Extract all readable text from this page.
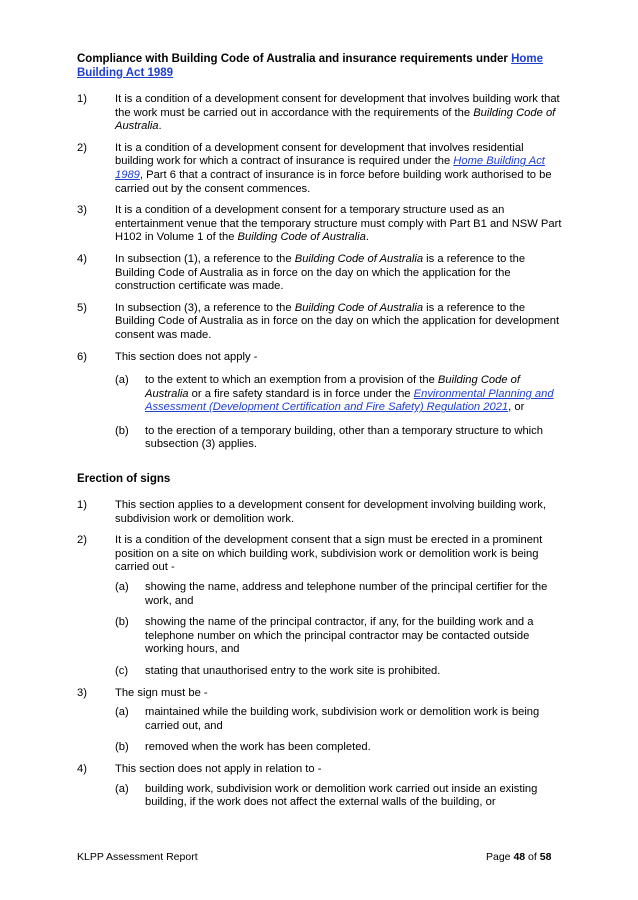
Compliance with Building Code of Australia and insurance requirements under Home Building Act 1989

1)	It is a condition of a development consent for development that involves building work that the work must be carried out in accordance with the requirements of the Building Code of Australia.
2)	It is a condition of a development consent for development that involves residential building work for which a contract of insurance is required under the Home Building Act 1989, Part 6 that a contract of insurance is in force before building work authorised to be carried out by the consent commences.
3)	It is a condition of a development consent for a temporary structure used as an entertainment venue that the temporary structure must comply with Part B1 and NSW Part H102 in Volume 1 of the Building Code of Australia.
4)	In subsection (1), a reference to the Building Code of Australia is a reference to the Building Code of Australia as in force on the day on which the application for the construction certificate was made.
5)	In subsection (3), a reference to the Building Code of Australia is a reference to the Building Code of Australia as in force on the day on which the application for development consent was made.
6)	This section does not apply -
(a) to the extent to which an exemption from a provision of the Building Code of Australia or a fire safety standard is in force under the Environmental Planning and Assessment (Development Certification and Fire Safety) Regulation 2021, or
(b) to the erection of a temporary building, other than a temporary structure to which subsection (3) applies.

Erection of signs

1)	This section applies to a development consent for development involving building work, subdivision work or demolition work.
2)	It is a condition of the development consent that a sign must be erected in a prominent position on a site on which building work, subdivision work or demolition work is being carried out -
(a) showing the name, address and telephone number of the principal certifier for the work, and
(b) showing the name of the principal contractor, if any, for the building work and a telephone number on which the principal contractor may be contacted outside working hours, and
(c) stating that unauthorised entry to the work site is prohibited.
3)	The sign must be -
(a) maintained while the building work, subdivision work or demolition work is being carried out, and
(b) removed when the work has been completed.
4)	This section does not apply in relation to -
(a) building work, subdivision work or demolition work carried out inside an existing building, if the work does not affect the external walls of the building, or
KLPP Assessment Report	Page 48 of 58
